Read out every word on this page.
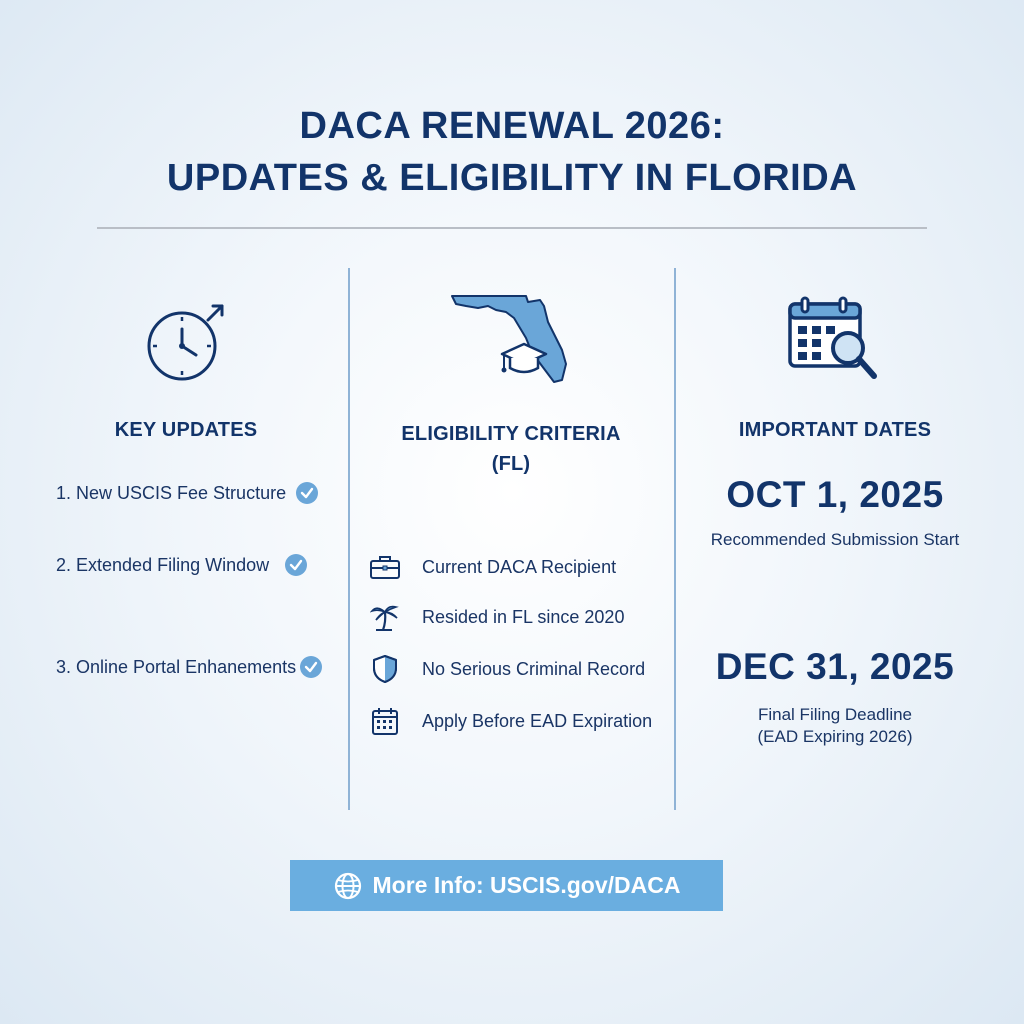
DACA RENEWAL 2026:
UPDATES & ELIGIBILITY IN FLORIDA
KEY UPDATES
1. New USCIS Fee Structure
2. Extended Filing Window
3. Online Portal Enhanements
ELIGIBILITY CRITERIA
(FL)
Current DACA Recipient
Resided in FL since 2020
No Serious Criminal Record
Apply Before EAD Expiration
IMPORTANT DATES

OCT 1, 2025

Recommended Submission Start

DEC 31, 2025

Final Filing Deadline
(EAD Expiring 2026)
More Info: USCIS.gov/DACA
